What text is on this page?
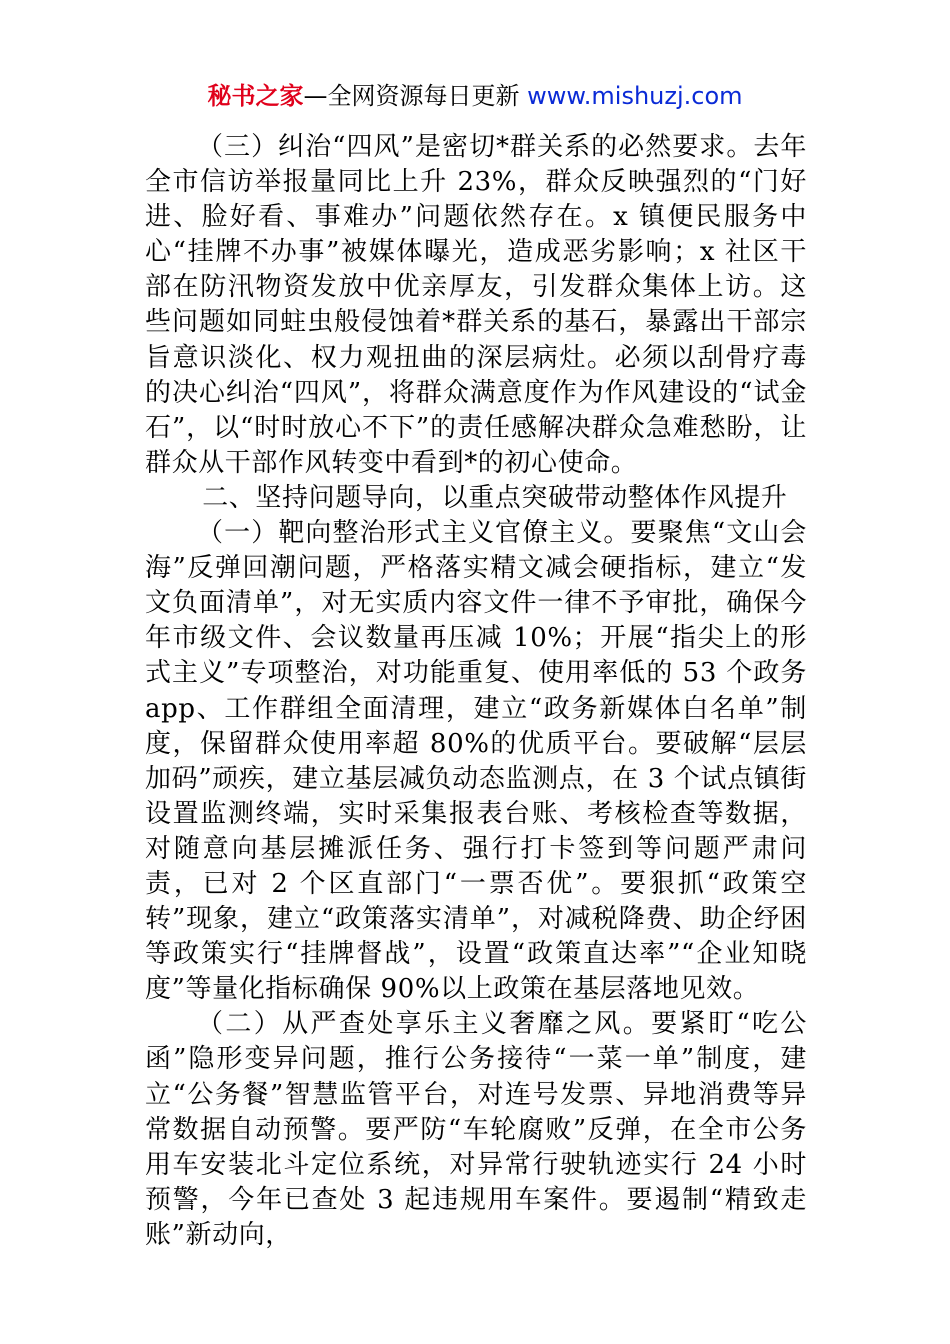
秘书之家—全网资源每日更新 www.mishuzj.com

（三）纠治“四风”是密切*群关系的必然要求。去年全市信访举报量同比上升 23%，群众反映强烈的“门好进、脸好看、事难办”问题依然存在。x 镇便民服务中心“挂牌不办事”被媒体曝光，造成恶劣影响；x 社区干部在防汛物资发放中优亲厚友，引发群众集体上访。这些问题如同蛀虫般侵蚀着*群关系的基石，暴露出干部宗旨意识淡化、权力观扭曲的深层病灶。必须以刮骨疗毒的决心纠治“四风”，将群众满意度作为作风建设的“试金石”，以“时时放心不下”的责任感解决群众急难愁盼，让群众从干部作风转变中看到*的初心使命。

二、坚持问题导向，以重点突破带动整体作风提升

（一）靶向整治形式主义官僚主义。要聚焦“文山会海”反弹回潮问题，严格落实精文减会硬指标，建立“发文负面清单”，对无实质内容文件一律不予审批，确保今年市级文件、会议数量再压减 10%；开展“指尖上的形式主义”专项整治，对功能重复、使用率低的 53 个政务 app、工作群组全面清理，建立“政务新媒体白名单”制度，保留群众使用率超 80%的优质平台。要破解“层层加码”顽疾，建立基层减负动态监测点，在 3 个试点镇街设置监测终端，实时采集报表台账、考核检查等数据，对随意向基层摊派任务、强行打卡签到等问题严肃问责，已对 2 个区直部门“一票否优”。要狠抓“政策空转”现象，建立“政策落实清单”，对减税降费、助企纾困等政策实行“挂牌督战”，设置“政策直达率”“企业知晓度”等量化指标确保 90%以上政策在基层落地见效。

（二）从严查处享乐主义奢靡之风。要紧盯“吃公函”隐形变异问题，推行公务接待“一菜一单”制度，建立“公务餐”智慧监管平台，对连号发票、异地消费等异常数据自动预警。要严防“车轮腐败”反弹，在全市公务用车安装北斗定位系统，对异常行驶轨迹实行 24 小时预警，今年已查处 3 起违规用车案件。要遏制“精致走账”新动向，
